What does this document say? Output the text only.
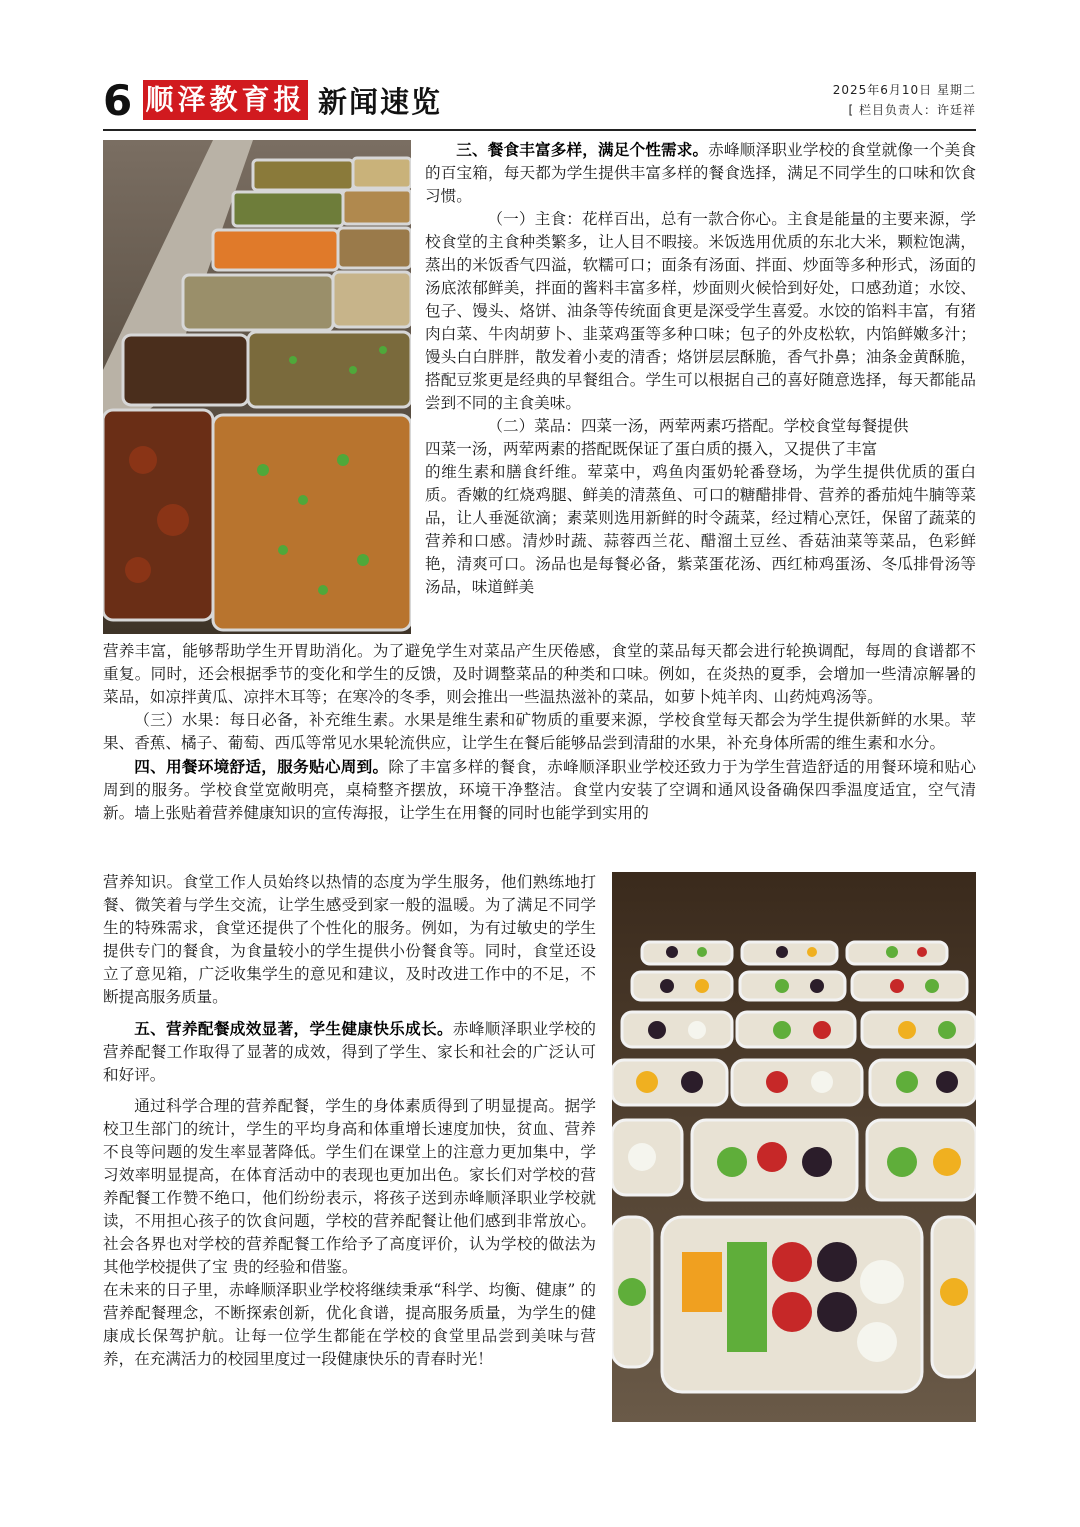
6 顺泽教育报 新闻速览	2025年6月10日 星期二
[ 栏目负责人：许廷祥

三、餐食丰富多样，满足个性需求。赤峰顺泽职业学校的食堂就像一个美食的百宝箱，每天都为学生提供丰富多样的餐食选择，满足不同学生的口味和饮食习惯。

（一）主食：花样百出，总有一款合你心。主食是能量的主要来源，学校食堂的主食种类繁多，让人目不暇接。米饭选用优质的东北大米，颗粒饱满，蒸出的米饭香气四溢，软糯可口；面条有汤面、拌面、炒面等多种形式，汤面的汤底浓郁鲜美，拌面的酱料丰富多样，炒面则火候恰到好处，口感劲道；水饺、包子、馒头、烙饼、油条等传统面食更是深受学生喜爱。水饺的馅料丰富，有猪肉白菜、牛肉胡萝卜、韭菜鸡蛋等多种口味；包子的外皮松软，内馅鲜嫩多汁；馒头白白胖胖，散发着小麦的清香；烙饼层层酥脆，香气扑鼻；油条金黄酥脆，搭配豆浆更是经典的早餐组合。学生可以根据自己的喜好随意选择，每天都能品尝到不同的主食美味。

（二）菜品：四菜一汤，两荤两素巧搭配。学校食堂每餐提供

四菜一汤，两荤两素的搭配既保证了蛋白质的摄入，又提供了丰富

的维生素和膳食纤维。荤菜中，鸡鱼肉蛋奶轮番登场，为学生提供优质的蛋白质。香嫩的红烧鸡腿、鲜美的清蒸鱼、可口的糖醋排骨、营养的番茄炖牛腩等菜品，让人垂涎欲滴；素菜则选用新鲜的时令蔬菜，经过精心烹饪，保留了蔬菜的营养和口感。清炒时蔬、蒜蓉西兰花、醋溜土豆丝、香菇油菜等菜品，色彩鲜艳，清爽可口。汤品也是每餐必备，紫菜蛋花汤、西红柿鸡蛋汤、冬瓜排骨汤等汤品，味道鲜美

营养丰富，能够帮助学生开胃助消化。为了避免学生对菜品产生厌倦感，食堂的菜品每天都会进行轮换调配，每周的食谱都不重复。同时，还会根据季节的变化和学生的反馈，及时调整菜品的种类和口味。例如，在炎热的夏季，会增加一些清凉解暑的菜品，如凉拌黄瓜、凉拌木耳等；在寒冷的冬季，则会推出一些温热滋补的菜品，如萝卜炖羊肉、山药炖鸡汤等。

（三）水果：每日必备，补充维生素。水果是维生素和矿物质的重要来源，学校食堂每天都会为学生提供新鲜的水果。苹果、香蕉、橘子、葡萄、西瓜等常见水果轮流供应，让学生在餐后能够品尝到清甜的水果，补充身体所需的维生素和水分。

四、用餐环境舒适，服务贴心周到。除了丰富多样的餐食，赤峰顺泽职业学校还致力于为学生营造舒适的用餐环境和贴心周到的服务。学校食堂宽敞明亮，桌椅整齐摆放，环境干净整洁。食堂内安装了空调和通风设备确保四季温度适宜，空气清新。墙上张贴着营养健康知识的宣传海报，让学生在用餐的同时也能学到实用的

营养知识。食堂工作人员始终以热情的态度为学生服务，他们熟练地打餐、微笑着与学生交流，让学生感受到家一般的温暖。为了满足不同学生的特殊需求，食堂还提供了个性化的服务。例如，为有过敏史的学生提供专门的餐食，为食量较小的学生提供小份餐食等。同时，食堂还设立了意见箱，广泛收集学生的意见和建议，及时改进工作中的不足，不断提高服务质量。

五、营养配餐成效显著，学生健康快乐成长。赤峰顺泽职业学校的营养配餐工作取得了显著的成效，得到了学生、家长和社会的广泛认可和好评。

通过科学合理的营养配餐，学生的身体素质得到了明显提高。据学校卫生部门的统计，学生的平均身高和体重增长速度加快，贫血、营养不良等问题的发生率显著降低。学生们在课堂上的注意力更加集中，学习效率明显提高，在体育活动中的表现也更加出色。家长们对学校的营养配餐工作赞不绝口，他们纷纷表示，将孩子送到赤峰顺泽职业学校就读，不用担心孩子的饮食问题，学校的营养配餐让他们感到非常放心。社会各界也对学校的营养配餐工作给予了高度评价，认为学校的做法为其他学校提供了宝 贵的经验和借鉴。

在未来的日子里，赤峰顺泽职业学校将继续秉承“科学、均衡、健康” 的营养配餐理念，不断探索创新，优化食谱，提高服务质量，为学生的健康成长保驾护航。让每一位学生都能在学校的食堂里品尝到美味与营养，在充满活力的校园里度过一段健康快乐的青春时光！
